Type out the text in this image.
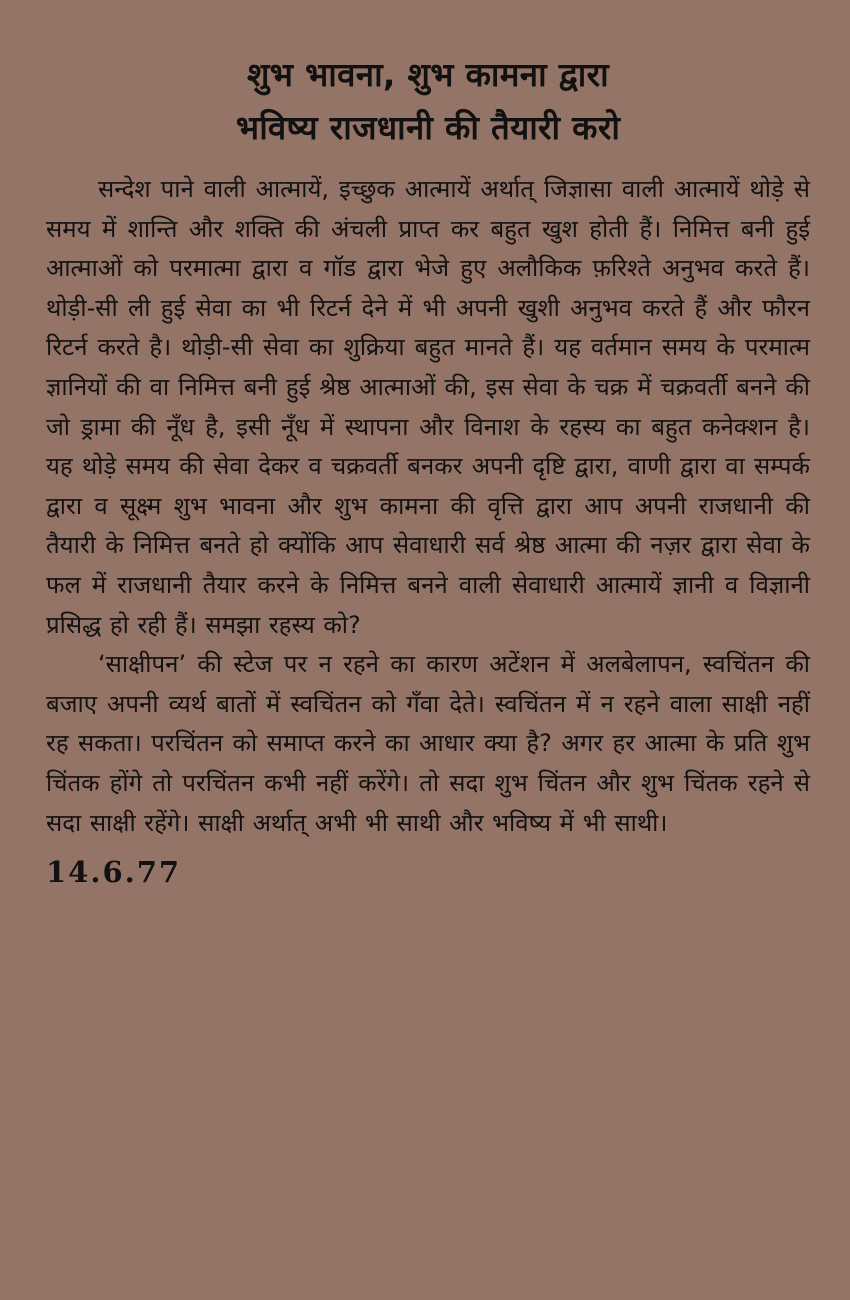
शुभ भावना, शुभ कामना द्वारा
भविष्य राजधानी की तैयारी करो

सन्देश पाने वाली आत्मायें, इच्छुक आत्मायें अर्थात् जिज्ञासा वाली आत्मायें थोड़े से समय में शान्ति और शक्ति की अंचली प्राप्त कर बहुत खुश होती हैं। निमित्त बनी हुई आत्माओं को परमात्मा द्वारा व गॉड द्वारा भेजे हुए अलौकिक फ़रिश्ते अनुभव करते हैं। थोड़ी-सी ली हुई सेवा का भी रिटर्न देने में भी अपनी खुशी अनुभव करते हैं और फौरन रिटर्न करते है। थोड़ी-सी सेवा का शुक्रिया बहुत मानते हैं। यह वर्तमान समय के परमात्म ज्ञानियों की वा निमित्त बनी हुई श्रेष्ठ आत्माओं की, इस सेवा के चक्र में चक्रवर्ती बनने की जो ड्रामा की नूँध है, इसी नूँध में स्थापना और विनाश के रहस्य का बहुत कनेक्शन है। यह थोड़े समय की सेवा देकर व चक्रवर्ती बनकर अपनी दृष्टि द्वारा, वाणी द्वारा वा सम्पर्क द्वारा व सूक्ष्म शुभ भावना और शुभ कामना की वृत्ति द्वारा आप अपनी राजधानी की तैयारी के निमित्त बनते हो क्योंकि आप सेवाधारी सर्व श्रेष्ठ आत्मा की नज़र द्वारा सेवा के फल में राजधानी तैयार करने के निमित्त बनने वाली सेवाधारी आत्मायें ज्ञानी व विज्ञानी प्रसिद्ध हो रही हैं। समझा रहस्य को?

‘साक्षीपन’ की स्टेज पर न रहने का कारण अटेंशन में अलबेलापन, स्वचिंतन की बजाए अपनी व्यर्थ बातों में स्वचिंतन को गँवा देते। स्वचिंतन में न रहने वाला साक्षी नहीं रह सकता। परचिंतन को समाप्त करने का आधार क्या है? अगर हर आत्मा के प्रति शुभ चिंतक होंगे तो परचिंतन कभी नहीं करेंगे। तो सदा शुभ चिंतन और शुभ चिंतक रहने से सदा साक्षी रहेंगे। साक्षी अर्थात् अभी भी साथी और भविष्य में भी साथी।

14.6.77
